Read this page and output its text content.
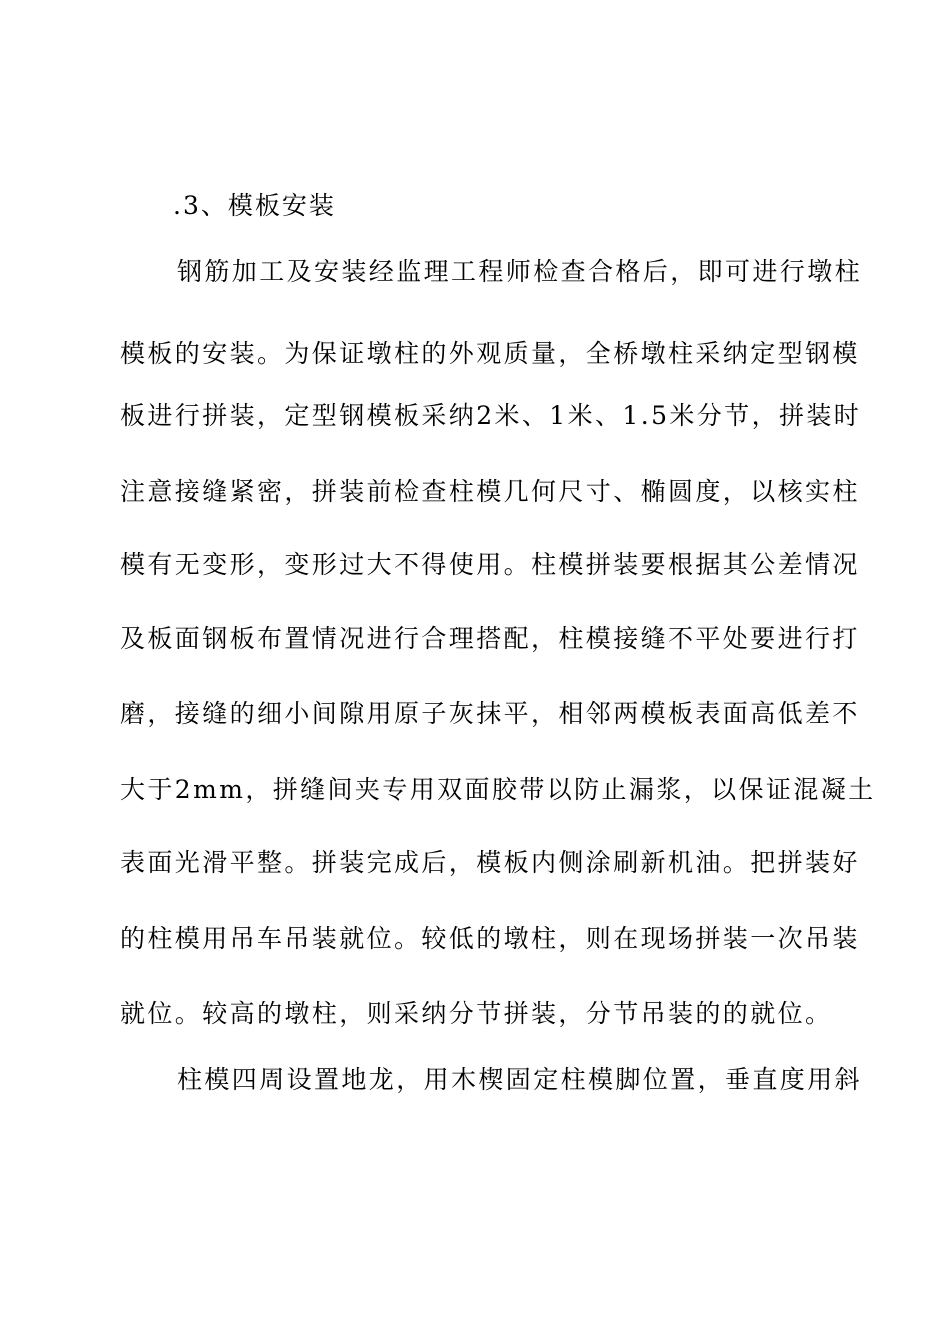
.3、模板安装
钢筋加工及安装经监理工程师检查合格后，即可进行墩柱
模板的安装。为保证墩柱的外观质量，全桥墩柱采纳定型钢模
板进行拼装，定型钢模板采纳2米、1米、1.5米分节，拼装时
注意接缝紧密，拼装前检查柱模几何尺寸、椭圆度，以核实柱
模有无变形，变形过大不得使用。柱模拼装要根据其公差情况
及板面钢板布置情况进行合理搭配，柱模接缝不平处要进行打
磨，接缝的细小间隙用原子灰抹平，相邻两模板表面高低差不
大于2mm，拼缝间夹专用双面胶带以防止漏浆，以保证混凝土
表面光滑平整。拼装完成后，模板内侧涂刷新机油。把拼装好
的柱模用吊车吊装就位。较低的墩柱，则在现场拼装一次吊装
就位。较高的墩柱，则采纳分节拼装，分节吊装的的就位。
柱模四周设置地龙，用木楔固定柱模脚位置，垂直度用斜
